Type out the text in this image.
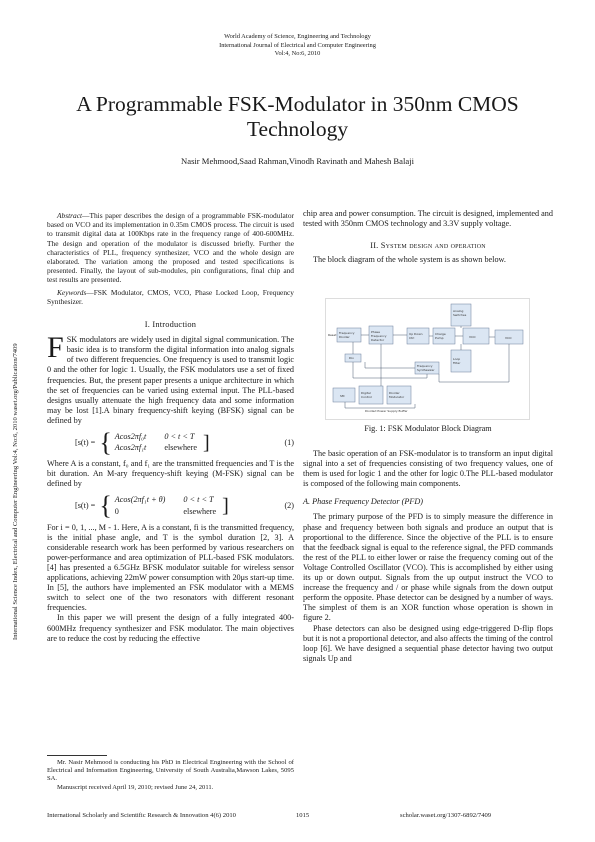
World Academy of Science, Engineering and Technology
International Journal of Electrical and Computer Engineering
Vol:4, No:6, 2010
A Programmable FSK-Modulator in 350nm CMOS Technology
Nasir Mehmood,Saad Rahman,Vinodh Ravinath and Mahesh Balaji
International Science Index, Electrical and Computer Engineering Vol:4, No:6, 2010 waset.org/Publication/7409

Abstract—This paper describes the design of a programmable FSK-modulator based on VCO and its implementation in 0.35m CMOS process. The circuit is used to transmit digital data at 100Kbps rate in the frequency range of 400-600MHz. The design and operation of the modulator is discussed briefly. Further the characteristics of PLL, frequency synthesizer, VCO and the whole design are elaborated. The variation among the proposed and tested specifications is presented. Finally, the layout of sub-modules, pin configurations, final chip and test results are presented.

Keywords—FSK Modulator, CMOS, VCO, Phase Locked Loop, Frequency Synthesizer.

I. Introduction

FSK modulators are widely used in digital signal communication. The basic idea is to transform the digital information into analog signals of two different frequencies. One frequency is used to transmit logic 0 and the other for logic 1. Usually, the FSK modulators use a set of fixed frequencies. But, the present paper presents a unique architecture in which the set of frequencies can be varied using external input. The PLL-based designs usually attenuate the high frequency data and some information may be lost [1].A binary frequency-shift keying (BFSK) signal can be defined by

[s(t) = { Acos2πf₀t 0 < t < T
Acos2πf₁t elsewhere ]	(1)

Where A is a constant, f₀ and f₁ are the transmitted frequencies and T is the bit duration. An M-ary frequency-shift keying (M-FSK) signal can be defined by

[s(t) = { Acos(2πf₁t + θ) 0 < t < T
0	elsewhere ]	(2)

For i = 0, 1, ..., M - 1. Here, A is a constant, fi is the transmitted frequency, is the initial phase angle, and T is the symbol duration [2, 3]. A considerable research work has been performed by various researchers on power-performance and area optimization of PLL-based FSK modulators. [4] has presented a 6.5GHz BFSK modulator suitable for wireless sensor applications, achieving 22mW power consumption with 20μs start-up time. In [5], the authors have implemented an FSK modulator with a MEMS switch to select one of the two resonators with different resonant frequencies.

In this paper we will present the design of a fully integrated 400-600MHz frequency synthesizer and FSK modulator. The main objectives are to reduce the cost by reducing the effective

Mr. Nasir Mehmood is conducting his PhD in Electrical Engineering with the School of Electrical and Information Engineering, University of South Australia,Mawson Lakes, 5095 SA.
Manuscript received April 19, 2010; revised June 24, 2011.

chip area and power consumption. The circuit is designed, implemented and tested with 350nm CMOS technology and 3.3V supply voltage.

II. System design and operation

The block diagram of the whole system is as shown below.

Reset Frequency
Divider
Phase
Frequency
Detector
Up Down
Ctrl
Charge
Pump	VCO	VCO
Analog
Switches
Loop
Filter
Div
Frequency
Synthesizer
SM
Digital
Control
Divider
Modulator
Divided Power Supply Buffer
Fig. 1: FSK Modulator Block Diagram

The basic operation of an FSK-modulator is to transform an input digital signal into a set of frequencies consisting of two frequency values, one of them is used for logic 1 and the other for logic 0.The PLL-based modulator is composed of the following main components.

A. Phase Frequency Detector (PFD)

The primary purpose of the PFD is to simply measure the difference in phase and frequency between both signals and produce an output that is proportional to the difference. Since the objective of the PLL is to ensure that the feedback signal is equal to the reference signal, the PFD commands the rest of the PLL to either lower or raise the frequency coming out of the Voltage Controlled Oscillator (VCO). This is accomplished by either using its up or down output. Signals from the up output instruct the VCO to increase the frequency and / or phase while signals from the down output perform the opposite. Phase detector can be designed by a number of ways. The simplest of them is an XOR function whose operation is shown in figure 2.

Phase detectors can also be designed using edge-triggered D-flip flops but it is not a proportional detector, and also affects the timing of the control loop [6]. We have designed a sequential phase detector having two output signals Up and

International Scholarly and Scientific Research & Innovation 4(6) 2010	1015	scholar.waset.org/1307-6892/7409
